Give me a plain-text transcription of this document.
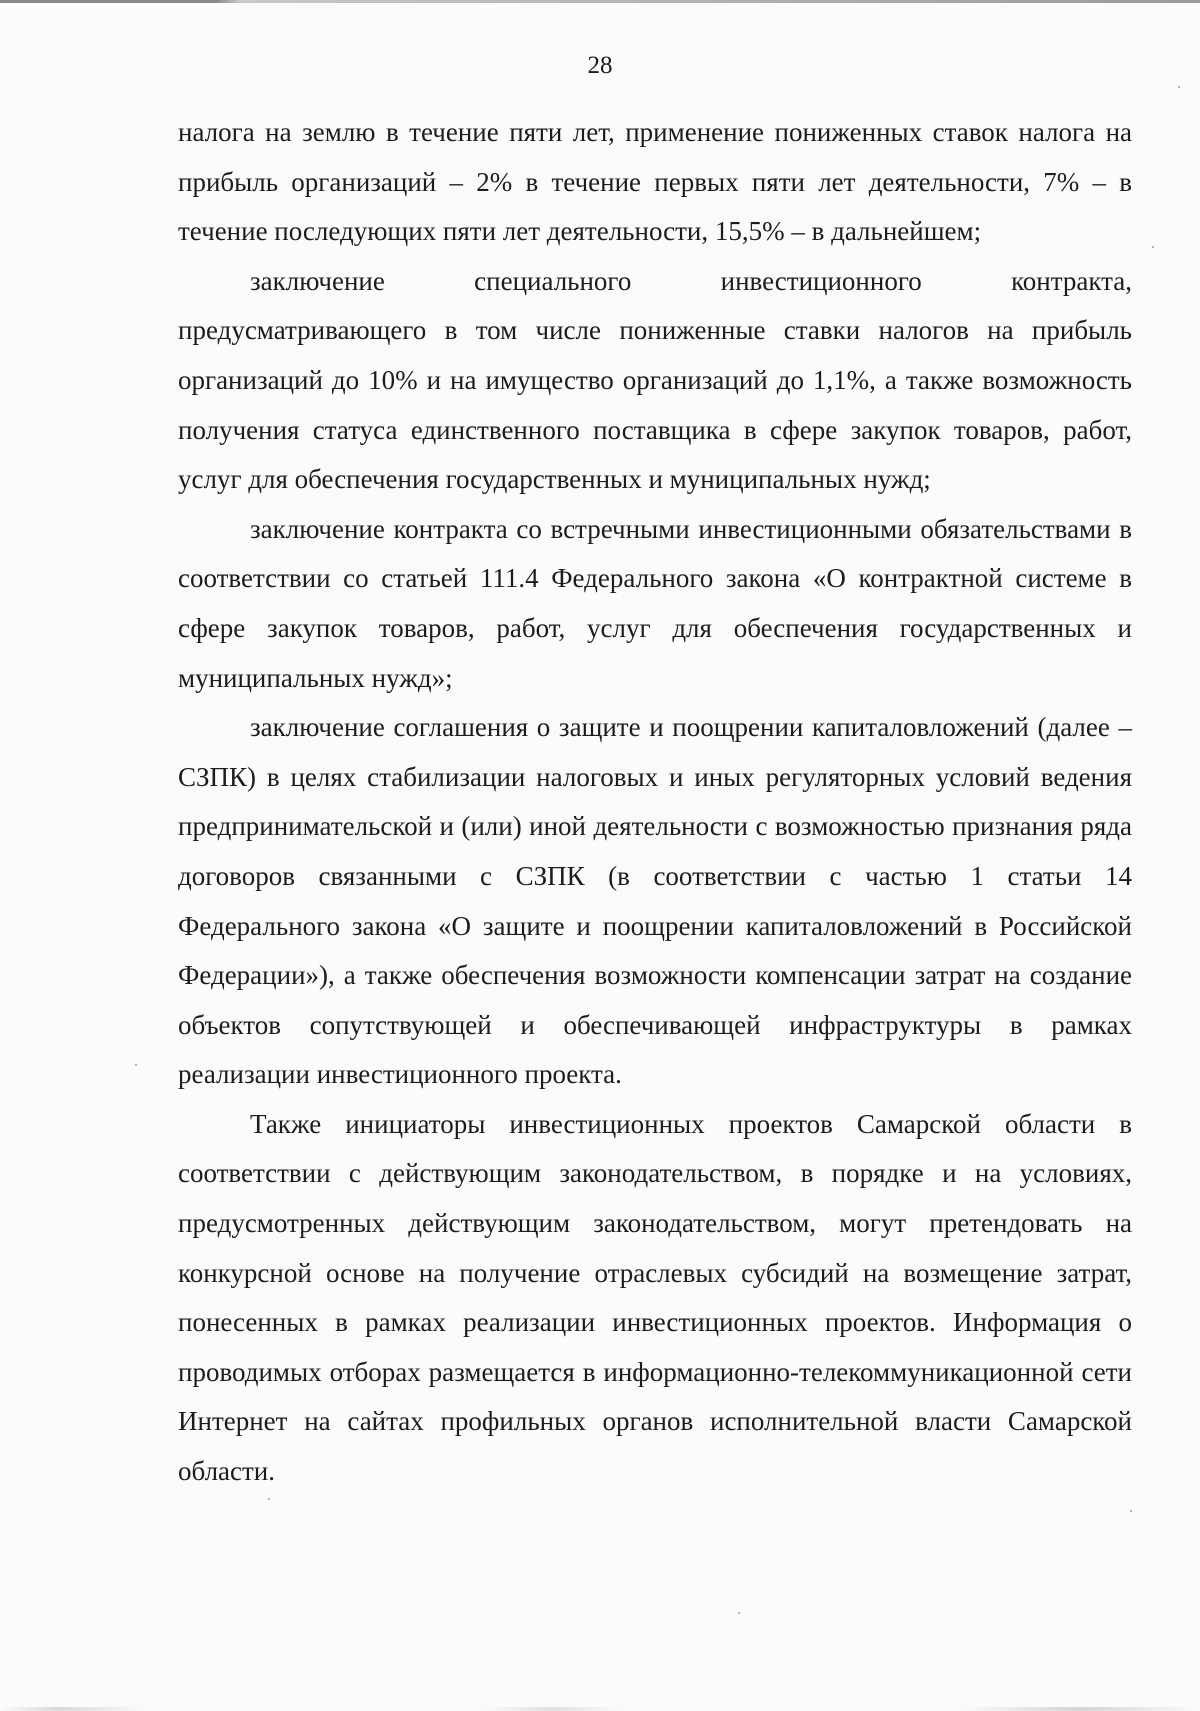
28

налога на землю в течение пяти лет, применение пониженных ставок налога на прибыль организаций – 2% в течение первых пяти лет деятельности, 7% – в течение последующих пяти лет деятельности, 15,5% – в дальнейшем;

заключение специального инвестиционного контракта, предусматривающего в том числе пониженные ставки налогов на прибыль организаций до 10% и на имущество организаций до 1,1%, а также возможность получения статуса единственного поставщика в сфере закупок товаров, работ, услуг для обеспечения государственных и муниципальных нужд;

заключение контракта со встречными инвестиционными обязательствами в соответствии со статьей 111.4 Федерального закона «О контрактной системе в сфере закупок товаров, работ, услуг для обеспечения государственных и муниципальных нужд»;

заключение соглашения о защите и поощрении капиталовложений (далее – СЗПК) в целях стабилизации налоговых и иных регуляторных условий ведения предпринимательской и (или) иной деятельности с возможностью признания ряда договоров связанными с СЗПК (в соответствии с частью 1 статьи 14 Федерального закона «О защите и поощрении капиталовложений в Российской Федерации»), а также обеспечения возможности компенсации затрат на создание объектов сопутствующей и обеспечивающей инфраструктуры в рамках реализации инвестиционного проекта.

Также инициаторы инвестиционных проектов Самарской области в соответствии с действующим законодательством, в порядке и на условиях, предусмотренных действующим законодательством, могут претендовать на конкурсной основе на получение отраслевых субсидий на возмещение затрат, понесенных в рамках реализации инвестиционных проектов. Информация о проводимых отборах размещается в информационно-телекоммуникационной сети Интернет на сайтах профильных органов исполнительной власти Самарской области.
